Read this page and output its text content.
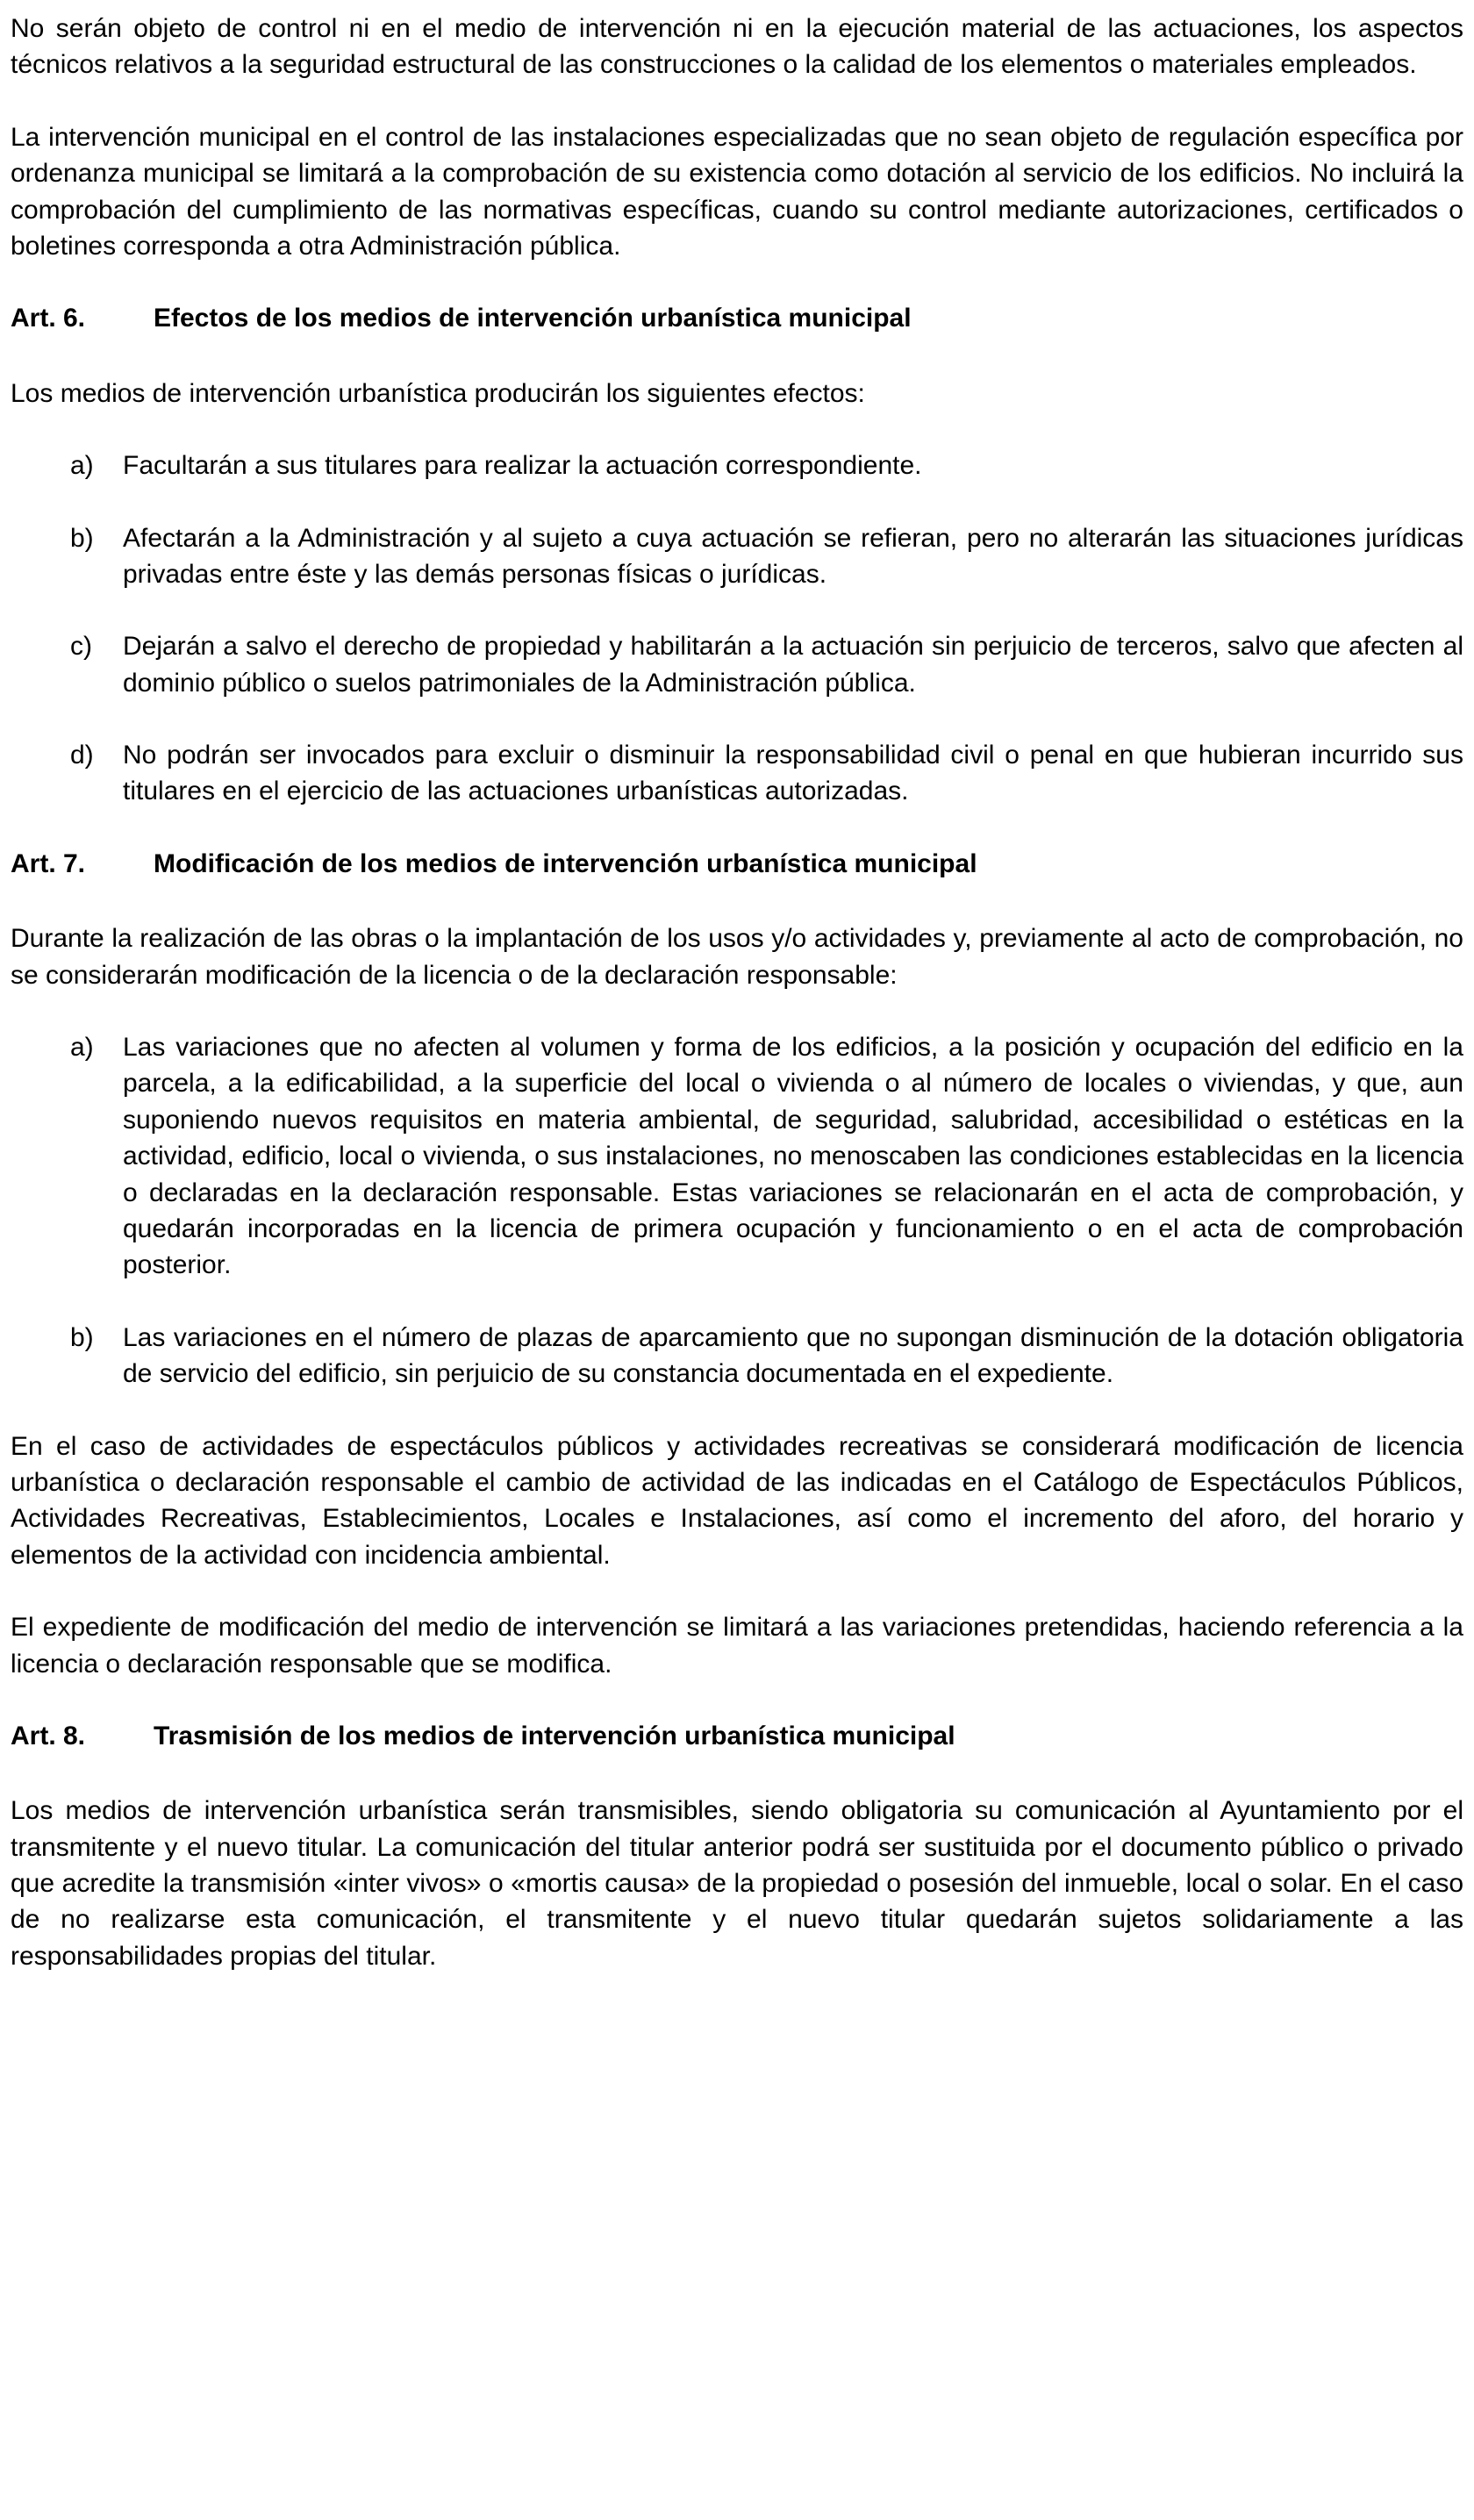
No serán objeto de control ni en el medio de intervención ni en la ejecución material de las actuaciones, los aspectos técnicos relativos a la seguridad estructural de las construcciones o la calidad de los elementos o materiales empleados.

La intervención municipal en el control de las instalaciones especializadas que no sean objeto de regulación específica por ordenanza municipal se limitará a la comprobación de su existencia como dotación al servicio de los edificios. No incluirá la comprobación del cumplimiento de las normativas específicas, cuando su control mediante autorizaciones, certificados o boletines corresponda a otra Administración pública.

Art. 6.	Efectos de los medios de intervención urbanística municipal

Los medios de intervención urbanística producirán los siguientes efectos:

a)	Facultarán a sus titulares para realizar la actuación correspondiente.
b)	Afectarán a la Administración y al sujeto a cuya actuación se refieran, pero no alterarán las situaciones jurídicas privadas entre éste y las demás personas físicas o jurídicas.
c)	Dejarán a salvo el derecho de propiedad y habilitarán a la actuación sin perjuicio de terceros, salvo que afecten al dominio público o suelos patrimoniales de la Administración pública.
d)	No podrán ser invocados para excluir o disminuir la responsabilidad civil o penal en que hubieran incurrido sus titulares en el ejercicio de las actuaciones urbanísticas autorizadas.
Art. 7.	Modificación de los medios de intervención urbanística municipal

Durante la realización de las obras o la implantación de los usos y/o actividades y, previamente al acto de comprobación, no se considerarán modificación de la licencia o de la declaración responsable:

a)	Las variaciones que no afecten al volumen y forma de los edificios, a la posición y ocupación del edificio en la parcela, a la edificabilidad, a la superficie del local o vivienda o al número de locales o viviendas, y que, aun suponiendo nuevos requisitos en materia ambiental, de seguridad, salubridad, accesibilidad o estéticas en la actividad, edificio, local o vivienda, o sus instalaciones, no menoscaben las condiciones establecidas en la licencia o declaradas en la declaración responsable. Estas variaciones se relacionarán en el acta de comprobación, y quedarán incorporadas en la licencia de primera ocupación y funcionamiento o en el acta de comprobación posterior.
b)	Las variaciones en el número de plazas de aparcamiento que no supongan disminución de la dotación obligatoria de servicio del edificio, sin perjuicio de su constancia documentada en el expediente.

En el caso de actividades de espectáculos públicos y actividades recreativas se considerará modificación de licencia urbanística o declaración responsable el cambio de actividad de las indicadas en el Catálogo de Espectáculos Públicos, Actividades Recreativas, Establecimientos, Locales e Instalaciones, así como el incremento del aforo, del horario y elementos de la actividad con incidencia ambiental.

El expediente de modificación del medio de intervención se limitará a las variaciones pretendidas, haciendo referencia a la licencia o declaración responsable que se modifica.

Art. 8.	Trasmisión de los medios de intervención urbanística municipal

Los medios de intervención urbanística serán transmisibles, siendo obligatoria su comunicación al Ayuntamiento por el transmitente y el nuevo titular. La comunicación del titular anterior podrá ser sustituida por el documento público o privado que acredite la transmisión «inter vivos» o «mortis causa» de la propiedad o posesión del inmueble, local o solar. En el caso de no realizarse esta comunicación, el transmitente y el nuevo titular quedarán sujetos solidariamente a las responsabilidades propias del titular.
